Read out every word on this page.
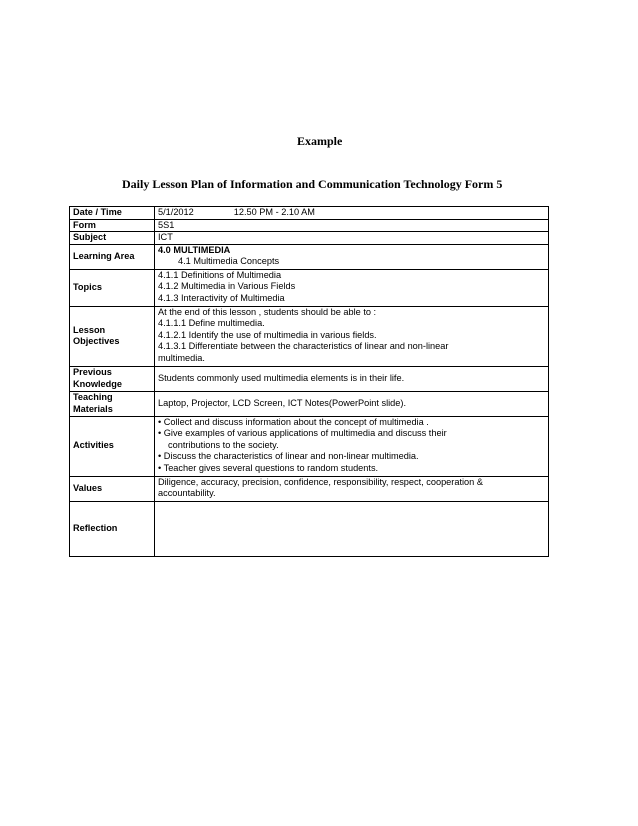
Example
Daily Lesson Plan of Information and Communication Technology Form 5
Date / Time	5/1/2012 12.50 PM - 2.10 AM
Form	5S1
Subject	ICT
Learning Area	4.0 MULTIMEDIA
4.1 Multimedia Concepts

Topics	4.1.1 Definitions of Multimedia
4.1.2 Multimedia in Various Fields
4.1.3 Interactivity of Multimedia

Lesson
Objectives	At the end of this lesson , students should be able to :
4.1.1.1 Define multimedia.
4.1.2.1 Identify the use of multimedia in various fields.
4.1.3.1 Differentiate between the characteristics of linear and non-linear
multimedia.

Previous
Knowledge	Students commonly used multimedia elements is in their life.

Teaching
Materials	Laptop, Projector, LCD Screen, ICT Notes(PowerPoint slide).
Activities	• Collect and discuss information about the concept of multimedia .
• Give examples of various applications of multimedia and discuss their
contributions to the society.
• Discuss the characteristics of linear and non-linear multimedia.
• Teacher gives several questions to random students.

Values	Diligence, accuracy, precision, confidence, responsibility, respect, cooperation &
accountability.

Reflection	
